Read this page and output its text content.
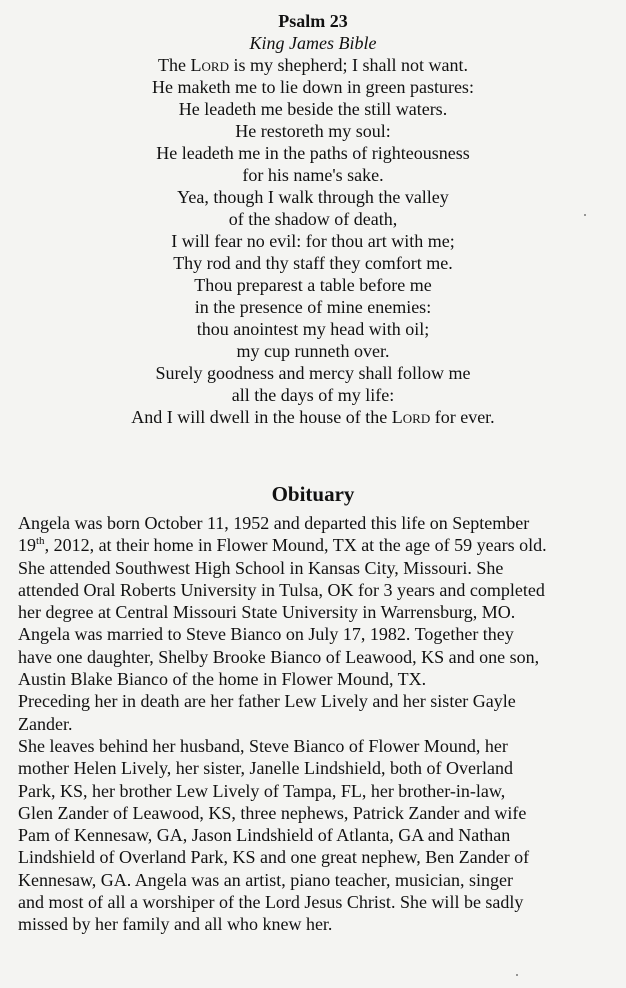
Psalm 23

King James Bible

The Lord is my shepherd; I shall not want.

He maketh me to lie down in green pastures:

He leadeth me beside the still waters.

He restoreth my soul:

He leadeth me in the paths of righteousness

for his name's sake.

Yea, though I walk through the valley

of the shadow of death,

I will fear no evil: for thou art with me;

Thy rod and thy staff they comfort me.

Thou preparest a table before me

in the presence of mine enemies:

thou anointest my head with oil;

my cup runneth over.

Surely goodness and mercy shall follow me

all the days of my life:

And I will dwell in the house of the Lord for ever.

Obituary

Angela was born October 11, 1952 and departed this life on September

19th, 2012, at their home in Flower Mound, TX at the age of 59 years old.

She attended Southwest High School in Kansas City, Missouri. She

attended Oral Roberts University in Tulsa, OK for 3 years and completed

her degree at Central Missouri State University in Warrensburg, MO.

Angela was married to Steve Bianco on July 17, 1982. Together they

have one daughter, Shelby Brooke Bianco of Leawood, KS and one son,

Austin Blake Bianco of the home in Flower Mound, TX.

Preceding her in death are her father Lew Lively and her sister Gayle

Zander.

She leaves behind her husband, Steve Bianco of Flower Mound, her

mother Helen Lively, her sister, Janelle Lindshield, both of Overland

Park, KS, her brother Lew Lively of Tampa, FL, her brother-in-law,

Glen Zander of Leawood, KS, three nephews, Patrick Zander and wife

Pam of Kennesaw, GA, Jason Lindshield of Atlanta, GA and Nathan

Lindshield of Overland Park, KS and one great nephew, Ben Zander of

Kennesaw, GA. Angela was an artist, piano teacher, musician, singer

and most of all a worshiper of the Lord Jesus Christ. She will be sadly

missed by her family and all who knew her.
